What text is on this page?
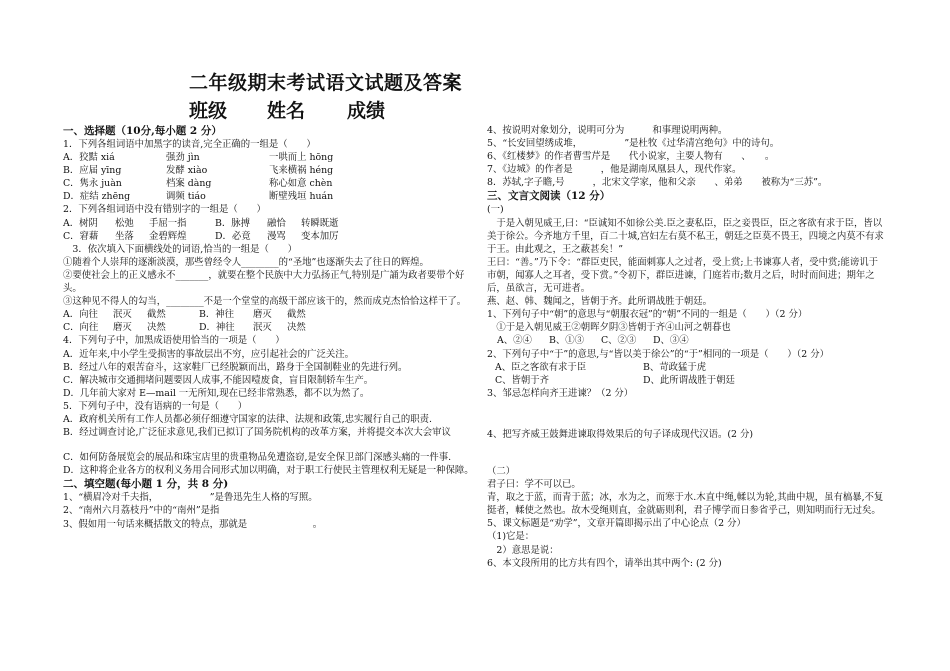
二年级期末考试语文试题及答案
班级 姓名 成绩
一、选择题（10分,每小题 2 分）
1．下列各组词语中加黑字的读音,完全正确的一组是（　　）
A．狡黠 xiá	强劲 jìn	一哄而上 hōng
B．应届 yīng	发酵 xiào	飞来横祸 héng
C．隽永 juàn	档案 dàng	称心如意 chèn
D．症结 zhēng	调频 tiáo	断壁残垣 huán
2．下列各组词语中没有错别字的一组是（　　）
A．树阴 松弛 手屈一指	B．脉搏 融恰 转瞬既逝
C．窘藉 坐落 金碧辉煌	D．必竟 漫骂 变本加厉
　3．依次填入下面横线处的词语,恰当的一组是（　　）
①随着个人崇拜的逐渐淡漠，那些曾经令人________的“圣地”也逐渐失去了往日的辉煌。
②要使社会上的正义感永不_______，就要在整个民族中大力弘扬正气,特别是广誦为政者要带个好头。
③这种见不得人的勾当，________不是一个堂堂的高级干部应该干的，然而成克杰恰恰这样干了。
A．向往 泯灭 截然	B．神往 磨灭 截然
C．向往 磨灭 决然	D．神往 泯灭 决然
4．下列句子中，加黑成语使用恰当的一项是（　　）
A．近年来,中小学生受损害的事故层出不穷，应引起社会的广泛关注。
B．经过八年的艰苦奋斗，这家鞋厂已经脱颖而出，路身于全国制鞋业的先进行列。
C．解决城市交通拥堵问题要因人成事,不能因噎废食，盲目限制轿车生产。
D．几年前大家对 E—mail 一无所知,现在已经非常熟悉，都不以为然了。
5．下列句子中，没有语病的一句是（　　）
A．政府机关所有工作人员都必须仔细遵守国家的法律、法规和政策,忠实履行自己的职责.
B．经过调查讨论,广泛征求意见,我们已拟订了国务院机构的改革方案，并将提交本次大会审议
C．如何防备展览会的展品和珠宝店里的贵重物品免遭盗窃,是安全保卫部门深感头痛的一件事.
D．这种将企业各方的权利义务用合同形式加以明确，对于职工行使民主管理权利无疑是一种保障。
二、填空题(每小题 1 分，共 8 分)
1、“横眉冷对千夫指，　　　　　　”是鲁迅先生人格的写照。
2、“南州六月荔枝丹”中的“南州”是指
3、假如用一句话来概括散文的特点，那就是　　　　　　　。
4、按说明对象划分，说明可分为　　　和事理说明两种。
5、“长安回望绣成堆，　　　　　”是杜牧《过华清宫绝句》中的诗句。
6、《红楼梦》的作者曹雪芹是　　代小说家，主要人物有　　、　　。
7、《边城》的作者是　　　，他是湖南凤凰县人，现代作家。
8．苏轼,字子瞻,号　　　，北宋文学家，他和父亲　　、弟弟　　被称为“三苏”。
三、文言文阅读（12 分）
(一)
　于是入朝见威王,曰：“臣诚知不如徐公美.臣之妻私臣，臣之妾畏臣，臣之客欲有求于臣，皆以美于徐公。今齐地方千里，百二十城,宫妇左右莫不私王，朝廷之臣莫不畏王，四境之内莫不有求于王。由此观之，王之蔽甚矣！”
王曰：“善。”乃下令：“群臣吏民，能面刺寡人之过者，受上赏;上书谏寡人者，受中赏;能谤讥于市朝，闻寡人之耳者，受下赏。”令初下，群臣进谏，门庭若市;数月之后，时时而间进；期年之后，虽欲言，无可进者。
燕、赵、韩、魏闻之，皆朝于齐。此所谓战胜于朝廷。
1、下列句子中“朝”的意思与“朝服衣冠”的“朝”不同的一组是（　　）（2 分）
　①于是入朝见威王②朝晖夕阴③皆朝于齐④山河之朝暮也
A、②④ B、①③ C、②③ D、③④
2、下列句子中“于”的意思,与“皆以美于徐公”的“于”相同的一项是（　　）（2 分）
A、臣之客欲有求于臣	B、苛政猛于虎
C、皆朝于齐	D、此所谓战胜于朝廷
3、邹忌怎样向齐王进谏？（2 分）
4、把写齐威王鼓舞进谏取得效果后的句子译成现代汉语。(2 分)
（二）
君子曰：学不可以已。
青，取之于蓝，而青于蓝；冰，水为之，而寒于水.木直中绳,輮以为轮,其曲中规，虽有槁暴,不复挺者，輮使之然也。故木受绳则直，金就砺则利，君子博学而日参省乎己，则知明而行无过矣。
5、课文标题是“劝学”，文章开篇即揭示出了中心论点（2 分）
（1)它是：
　2）意思是说：
6、本文段所用的比方共有四个，请举出其中两个: (2 分)
